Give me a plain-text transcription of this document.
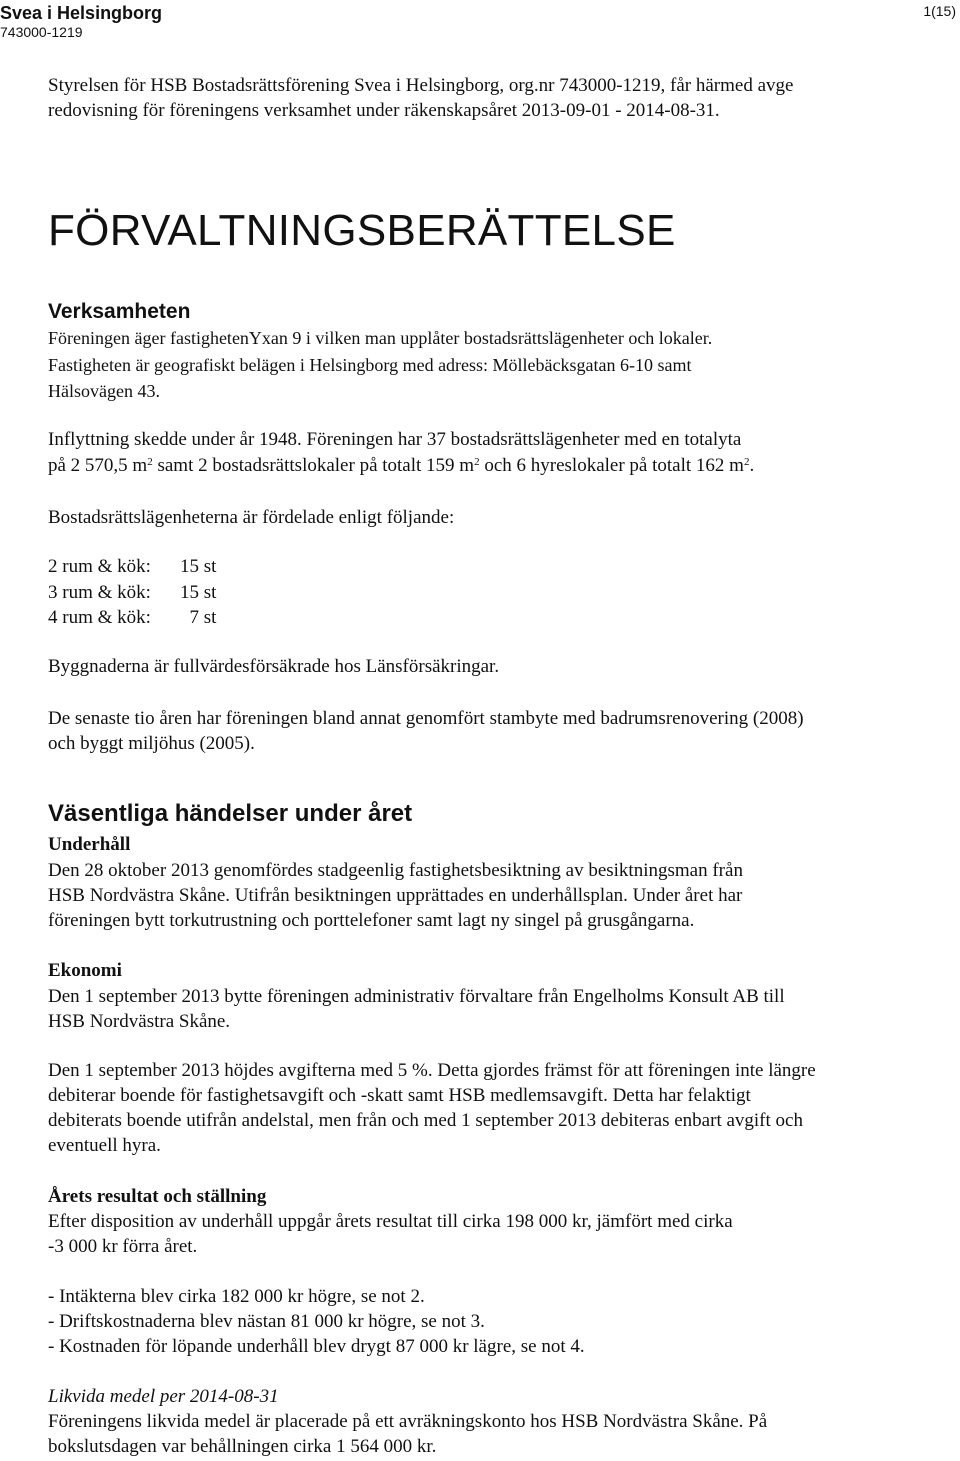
Svea i Helsingborg
743000-1219
1(15)
Styrelsen för HSB Bostadsrättsförening Svea i Helsingborg, org.nr 743000-1219, får härmed avge
redovisning för föreningens verksamhet under räkenskapsåret 2013-09-01 - 2014-08-31.
FÖRVALTNINGSBERÄTTELSE
Verksamheten
Föreningen äger fastighetenYxan 9 i vilken man upplåter bostadsrättslägenheter och lokaler.
Fastigheten är geografiskt belägen i Helsingborg med adress: Möllebäcksgatan 6-10 samt
Hälsovägen 43.
Inflyttning skedde under år 1948. Föreningen har 37 bostadsrättslägenheter med en totalyta
på 2 570,5 $m^2$ samt 2 bostadsrättslokaler på totalt 159 $m^2$ och 6 hyreslokaler på totalt 162 $m^2$.
Bostadsrättslägenheterna är fördelade enligt följande:
2 rum & kök: 15 st
3 rum & kök: 15 st
4 rum & kök:  7 st
Byggnaderna är fullvärdesförsäkrade hos Länsförsäkringar.
De senaste tio åren har föreningen bland annat genomfört stambyte med badrumsrenovering (2008)
och byggt miljöhus (2005).
Väsentliga händelser under året
Underhåll
Den 28 oktober 2013 genomfördes stadgeenlig fastighetsbesiktning av besiktningsman från
HSB Nordvästra Skåne. Utifrån besiktningen upprättades en underhållsplan. Under året har
föreningen bytt torkutrustning och porttelefoner samt lagt ny singel på grusgångarna.
Ekonomi
Den 1 september 2013 bytte föreningen administrativ förvaltare från Engelholms Konsult AB till
HSB Nordvästra Skåne.
Den 1 september 2013 höjdes avgifterna med 5 %. Detta gjordes främst för att föreningen inte längre
debiterar boende för fastighetsavgift och -skatt samt HSB medlemsavgift. Detta har felaktigt
debiterats boende utifrån andelstal, men från och med 1 september 2013 debiteras enbart avgift och
eventuell hyra.
Årets resultat och ställning
Efter disposition av underhåll uppgår årets resultat till cirka 198 000 kr, jämfört med cirka
-3 000 kr förra året.
- Intäkterna blev cirka 182 000 kr högre, se not 2.
- Driftskostnaderna blev nästan 81 000 kr högre, se not 3.
- Kostnaden för löpande underhåll blev drygt 87 000 kr lägre, se not 4.
Likvida medel per 2014-08-31
Föreningens likvida medel är placerade på ett avräkningskonto hos HSB Nordvästra Skåne. På
bokslutsdagen var behållningen cirka 1 564 000 kr.
